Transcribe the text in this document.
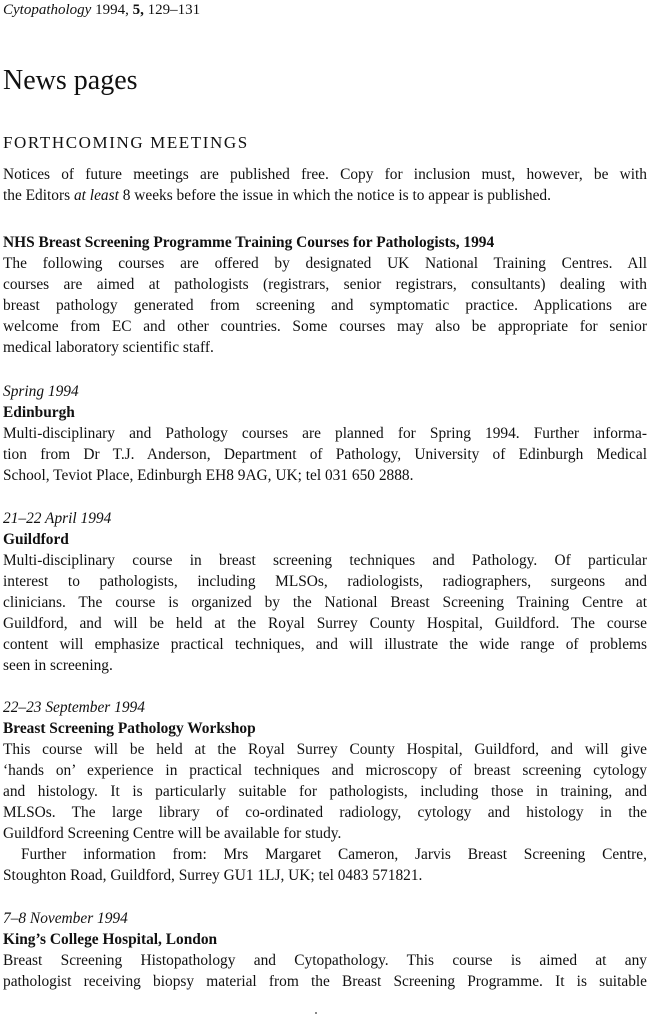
Cytopathology 1994, 5, 129–131
News pages
FORTHCOMING MEETINGS
Notices of future meetings are published free. Copy for inclusion must, however, be with
the Editors at least 8 weeks before the issue in which the notice is to appear is published.
NHS Breast Screening Programme Training Courses for Pathologists, 1994
The following courses are offered by designated UK National Training Centres. All
courses are aimed at pathologists (registrars, senior registrars, consultants) dealing with
breast pathology generated from screening and symptomatic practice. Applications are
welcome from EC and other countries. Some courses may also be appropriate for senior
medical laboratory scientific staff.
Spring 1994
Edinburgh
Multi-disciplinary and Pathology courses are planned for Spring 1994. Further informa-
tion from Dr T.J. Anderson, Department of Pathology, University of Edinburgh Medical
School, Teviot Place, Edinburgh EH8 9AG, UK; tel 031 650 2888.
21–22 April 1994
Guildford
Multi-disciplinary course in breast screening techniques and Pathology. Of particular
interest to pathologists, including MLSOs, radiologists, radiographers, surgeons and
clinicians. The course is organized by the National Breast Screening Training Centre at
Guildford, and will be held at the Royal Surrey County Hospital, Guildford. The course
content will emphasize practical techniques, and will illustrate the wide range of problems
seen in screening.
22–23 September 1994
Breast Screening Pathology Workshop
This course will be held at the Royal Surrey County Hospital, Guildford, and will give
‘hands on’ experience in practical techniques and microscopy of breast screening cytology
and histology. It is particularly suitable for pathologists, including those in training, and
MLSOs. The large library of co-ordinated radiology, cytology and histology in the
Guildford Screening Centre will be available for study.
Further information from: Mrs Margaret Cameron, Jarvis Breast Screening Centre,
Stoughton Road, Guildford, Surrey GU1 1LJ, UK; tel 0483 571821.
7–8 November 1994
King’s College Hospital, London
Breast Screening Histopathology and Cytopathology. This course is aimed at any
pathologist receiving biopsy material from the Breast Screening Programme. It is suitable
